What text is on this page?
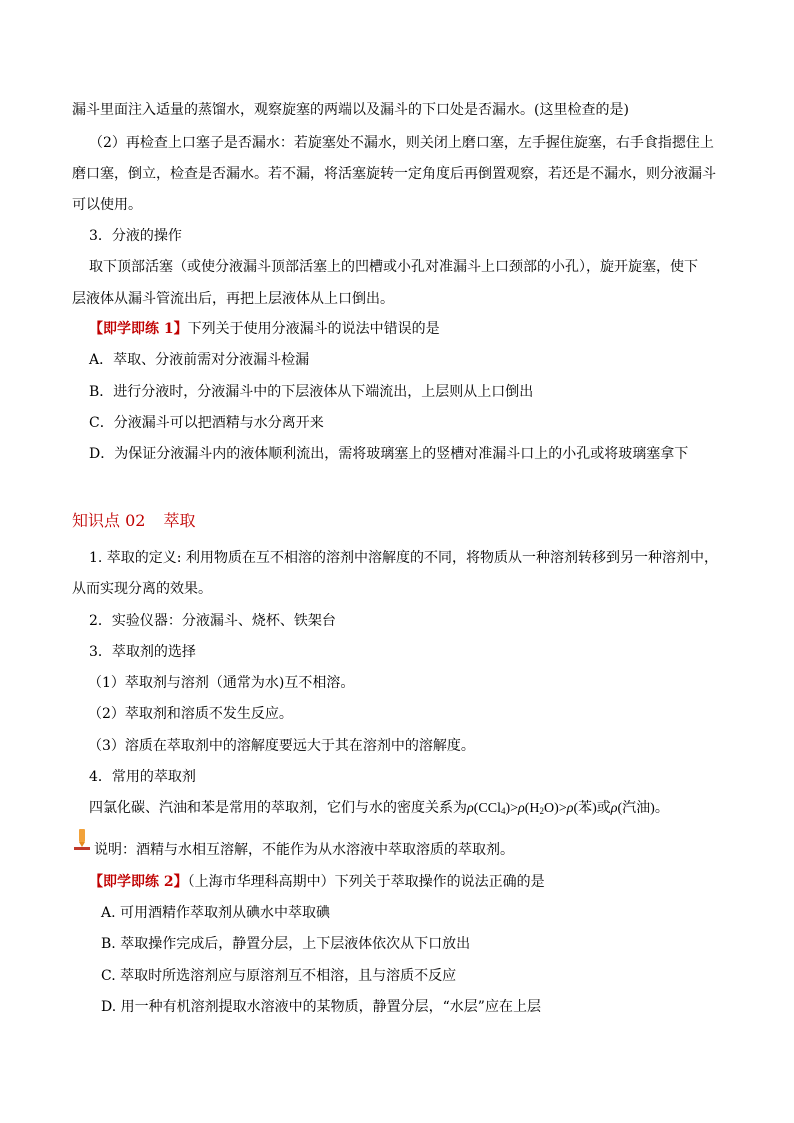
漏斗里面注入适量的蒸馏水，观察旋塞的两端以及漏斗的下口处是否漏水。(这里检查的是)
（2）再检查上口塞子是否漏水：若旋塞处不漏水，则关闭上磨口塞，左手握住旋塞，右手食指摁住上
磨口塞，倒立，检查是否漏水。若不漏，将活塞旋转一定角度后再倒置观察，若还是不漏水，则分液漏斗
可以使用。
3．分液的操作
取下顶部活塞（或使分液漏斗顶部活塞上的凹槽或小孔对准漏斗上口颈部的小孔），旋开旋塞，使下
层液体从漏斗管流出后，再把上层液体从上口倒出。
【即学即练 1】下列关于使用分液漏斗的说法中错误的是
A．萃取、分液前需对分液漏斗检漏
B．进行分液时，分液漏斗中的下层液体从下端流出，上层则从上口倒出
C．分液漏斗可以把酒精与水分离开来
D．为保证分液漏斗内的液体顺利流出，需将玻璃塞上的竖槽对准漏斗口上的小孔或将玻璃塞拿下
知识点 02 萃取
1. 萃取的定义: 利用物质在互不相溶的溶剂中溶解度的不同，将物质从一种溶剂转移到另一种溶剂中，
从而实现分离的效果。
2．实验仪器：分液漏斗、烧杯、铁架台
3．萃取剂的选择
（1）萃取剂与溶剂（通常为水)互不相溶。
（2）萃取剂和溶质不发生反应。
（3）溶质在萃取剂中的溶解度要远大于其在溶剂中的溶解度。
4．常用的萃取剂
四氯化碳、汽油和苯是常用的萃取剂，它们与水的密度关系为$\rho(CCl_4)>\rho(H_2O)>\rho$(苯)或ρ(汽油)。
说明：酒精与水相互溶解，不能作为从水溶液中萃取溶质的萃取剂。
【即学即练 2】（上海市华理科高期中）下列关于萃取操作的说法正确的是
A. 可用酒精作萃取剂从碘水中萃取碘
B. 萃取操作完成后，静置分层，上下层液体依次从下口放出
C. 萃取时所选溶剂应与原溶剂互不相溶，且与溶质不反应
D. 用一种有机溶剂提取水溶液中的某物质，静置分层，“水层”应在上层
